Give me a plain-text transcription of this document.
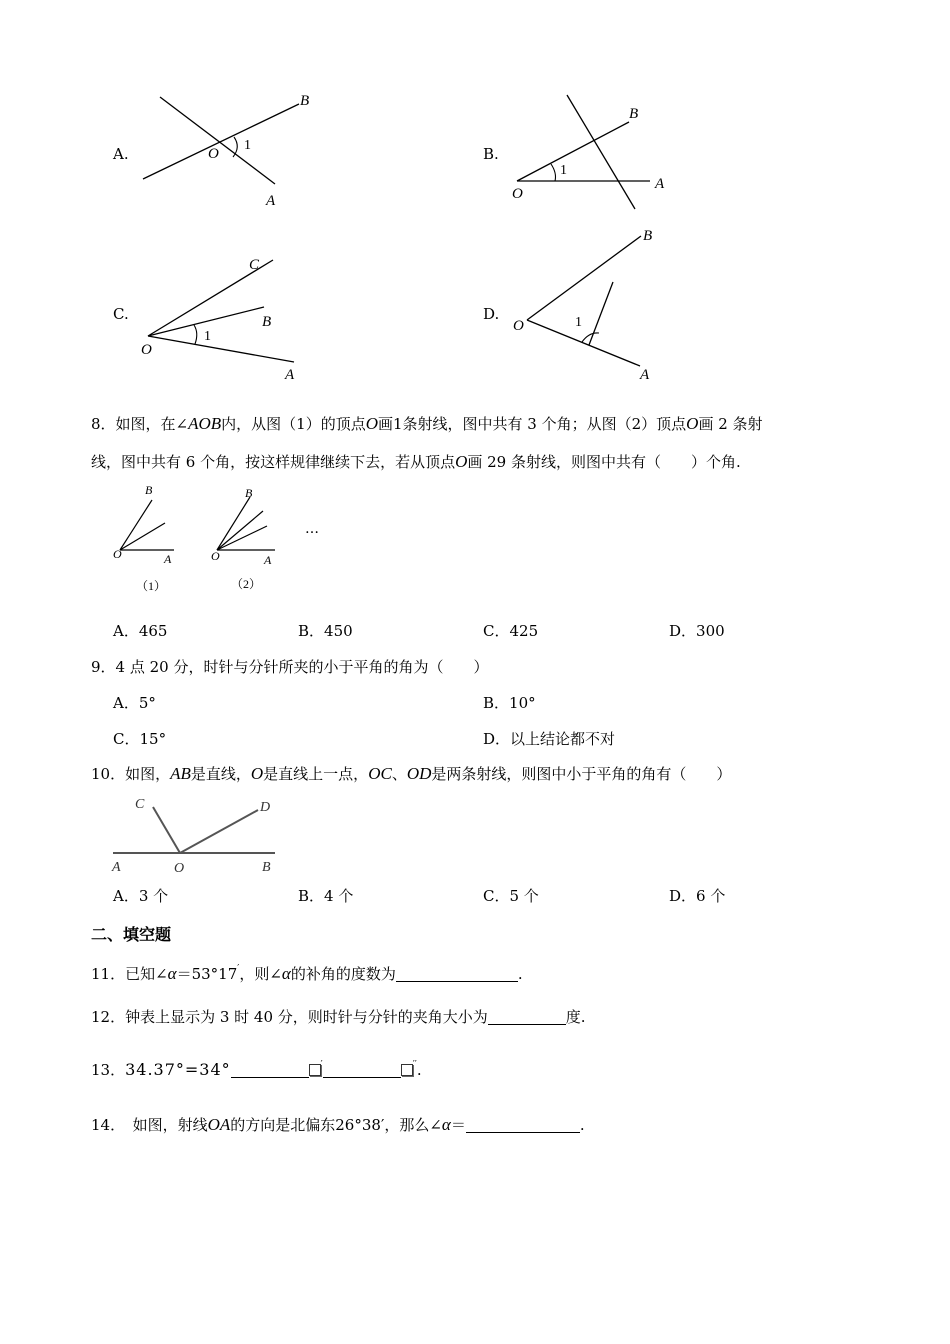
A.
B
O
A
1	B.
B
O
A
1
C.
C
B
O
A
1
D.
B
O
A
1
8．如图，在∠AOB内，从图（1）的顶点O画1条射线，图中共有 3 个角；从图（2）顶点O画 2 条射
线，图中共有 6 个角，按这样规律继续下去，若从顶点O画 29 条射线，则图中共有（　　）个角.
B
O	A
（1）
B
O	A
（2）
…
A．465	B．450	C．425	D．300
9．4 点 20 分，时针与分针所夹的小于平角的角为（　　）
A．5°	B．10°
C．15°	D．以上结论都不对
10．如图，AB是直线，O是直线上一点，OC、OD是两条射线，则图中小于平角的角有（　　）
C	D
A	O	B
A．3 个	B．4 个	C．5 个	D．6 个
二、填空题
11．已知∠α＝53°17′，则∠α的补角的度数为	.
12．钟表上显示为 3 时 40 分，则时针与分针的夹角大小为	度.
13．34.37°=34°	′	′′.
14．　如图，射线OA的方向是北偏东26°38′，那么∠α＝	.
